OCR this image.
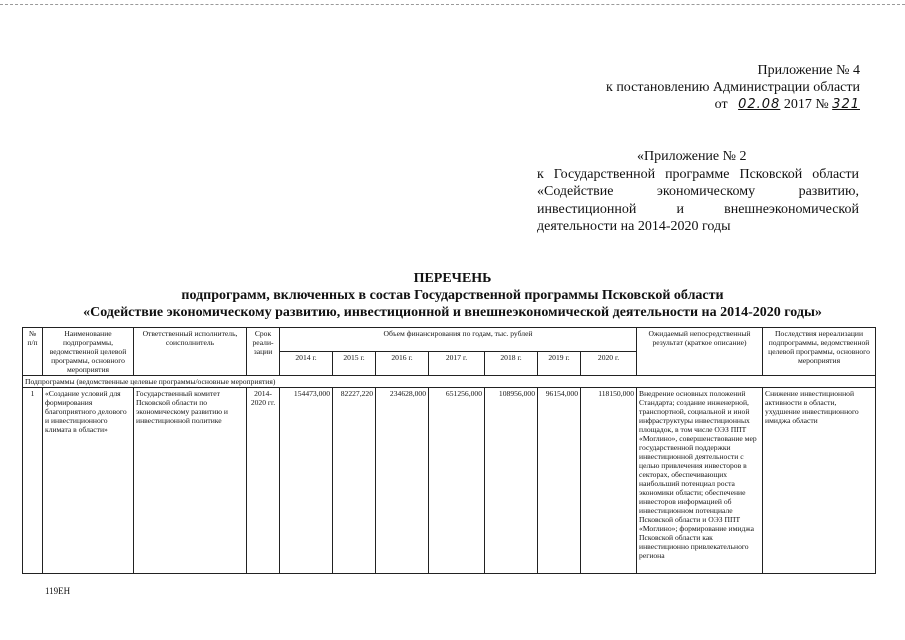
Приложение № 4
к постановлению Администрации области
от 02.08 2017 № 321
«Приложение № 2
к Государственной программе Псковской области «Содействие экономическому развитию, инвестиционной и внешнеэкономической деятельности на 2014-2020 годы
ПЕРЕЧЕНЬ
подпрограмм, включенных в состав Государственной программы Псковской области
«Содействие экономическому развитию, инвестиционной и внешнеэкономической деятельности на 2014-2020 годы»
№ п/п	Наименование подпрограммы, ведомственной целевой программы, основного мероприятия	Ответственный исполнитель, соисполнитель	Срок реали-зации	Объем финансирования по годам, тыс. рублей							Ожидаемый непосредственный результат (краткое описание)	Последствия нереализации подпрограммы, ведомственной целевой программы, основного мероприятия
				2014 г.	2015 г.	2016 г.	2017 г.	2018 г.	2019 г.	2020 г.		
Подпрограммы (ведомственные целевые программы/основные мероприятия)												
1	«Создание условий для формирования благоприятного делового и инвестиционного климата в области»	Государственный комитет Псковской области по экономическому развитию и инвестиционной политике	2014-2020 гг.	154473,000	82227,220	234628,000	651256,000	108956,000	96154,000	118150,000	Внедрение основных положений Стандарта; создание инженерной, транспортной, социальной и иной инфраструктуры инвестиционных площадок, в том числе ОЭЗ ППТ «Моглино», совершенствование мер государственной поддержки инвестиционной деятельности с целью привлечения инвесторов в секторах, обеспечивающих наибольший потенциал роста экономики области; обеспечение инвесторов информацией об инвестиционном потенциале Псковской области и ОЭЗ ППТ «Моглино»; формирование имиджа Псковской области как инвестиционно привлекательного региона	Снижение инвестиционной активности в области, ухудшение инвестиционного имиджа области
119ЕН
